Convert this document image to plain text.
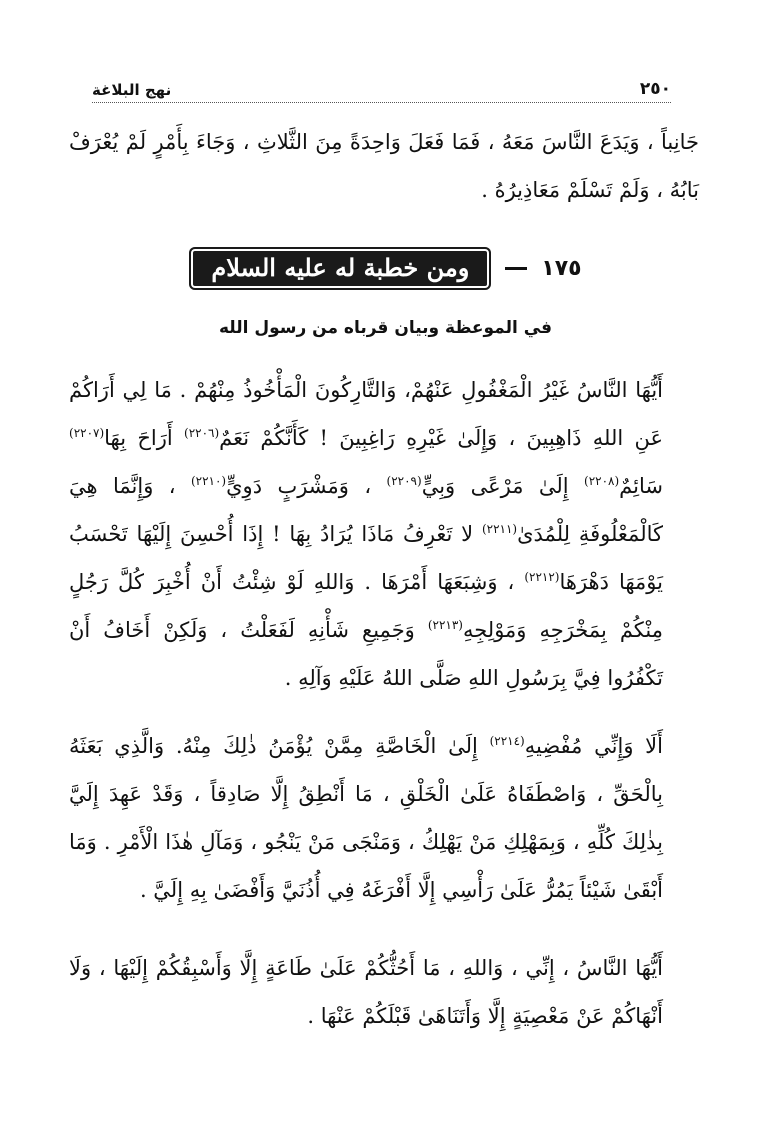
نهج البلاغة	٢٥٠

جَانِباً ، وَيَدَعَ النَّاسَ مَعَهُ ، فَمَا فَعَلَ وَاحِدَةً مِنَ الثَّلاثِ ، وَجَاءَ بِأَمْرٍ لَمْ يُعْرَفْ بَابُهُ ، وَلَمْ تَسْلَمْ مَعَاذِيرُهُ .

ومن خطبة له عليه السلام	١٧٥
في الموعظة وبيان قرباه من رسول الله

أَيُّهَا النَّاسُ غَيْرُ الْمَغْفُولِ عَنْهُمْ، وَالتَّارِكُونَ الْمَأْخُوذُ مِنْهُمْ . مَا لِي أَرَاكُمْ عَنِ اللهِ ذَاهِبِينَ ، وَإِلَىٰ غَيْرِهِ رَاغِبِينَ ! كَأَنَّكُمْ نَعَمٌ$^{(٢٢٠٦)}$ أَرَاحَ بِهَا$^{(٢٢٠٧)}$ سَائِمٌ$^{(٢٢٠٨)}$ إِلَىٰ مَرْعًى وَبِيٍّ$^{(٢٢٠٩)}$ ، وَمَشْرَبٍ دَوِيٍّ$^{(٢٢١٠)}$ ، وَإِنَّمَا هِيَ كَالْمَعْلُوفَةِ لِلْمُدَىٰ$^{(٢٢١١)}$ لا تَعْرِفُ مَاذَا يُرَادُ بِهَا ! إِذَا أُحْسِنَ إِلَيْهَا تَحْسَبُ يَوْمَهَا دَهْرَهَا$^{(٢٢١٢)}$ ، وَشِبَعَهَا أَمْرَهَا . وَاللهِ لَوْ شِئْتُ أَنْ أُخْبِرَ كُلَّ رَجُلٍ مِنْكُمْ بِمَخْرَجِهِ وَمَوْلِجِهِ$^{(٢٢١٣)}$ وَجَمِيعِ شَأْنِهِ لَفَعَلْتُ ، وَلَكِنْ أَخَافُ أَنْ تَكْفُرُوا فِيَّ بِرَسُولِ اللهِ صَلَّى اللهُ عَلَيْهِ وَآلِهِ .

أَلَا وَإِنِّي مُفْضِيهِ$^{(٢٢١٤)}$ إِلَىٰ الْخَاصَّةِ مِمَّنْ يُؤْمَنُ ذٰلِكَ مِنْهُ. وَالَّذِي بَعَثَهُ بِالْحَقِّ ، وَاصْطَفَاهُ عَلَىٰ الْخَلْقِ ، مَا أَنْطِقُ إِلَّا صَادِقاً ، وَقَدْ عَهِدَ إِلَيَّ بِذٰلِكَ كُلِّهِ ، وَبِمَهْلِكِ مَنْ يَهْلِكُ ، وَمَنْجَى مَنْ يَنْجُو ، وَمَآلِ هٰذَا الْأَمْرِ . وَمَا أَبْقَىٰ شَيْئاً يَمُرُّ عَلَىٰ رَأْسِي إِلَّا أَفْرَغَهُ فِي أُذُنَيَّ وَأَفْضَىٰ بِهِ إِلَيَّ .

أَيُّهَا النَّاسُ ، إِنِّي ، وَاللهِ ، مَا أَحُثُّكُمْ عَلَىٰ طَاعَةٍ إِلَّا وَأَسْبِقُكُمْ إِلَيْهَا ، وَلَا أَنْهَاكُمْ عَنْ مَعْصِيَةٍ إِلَّا وَأَتَنَاهَىٰ قَبْلَكُمْ عَنْهَا .
